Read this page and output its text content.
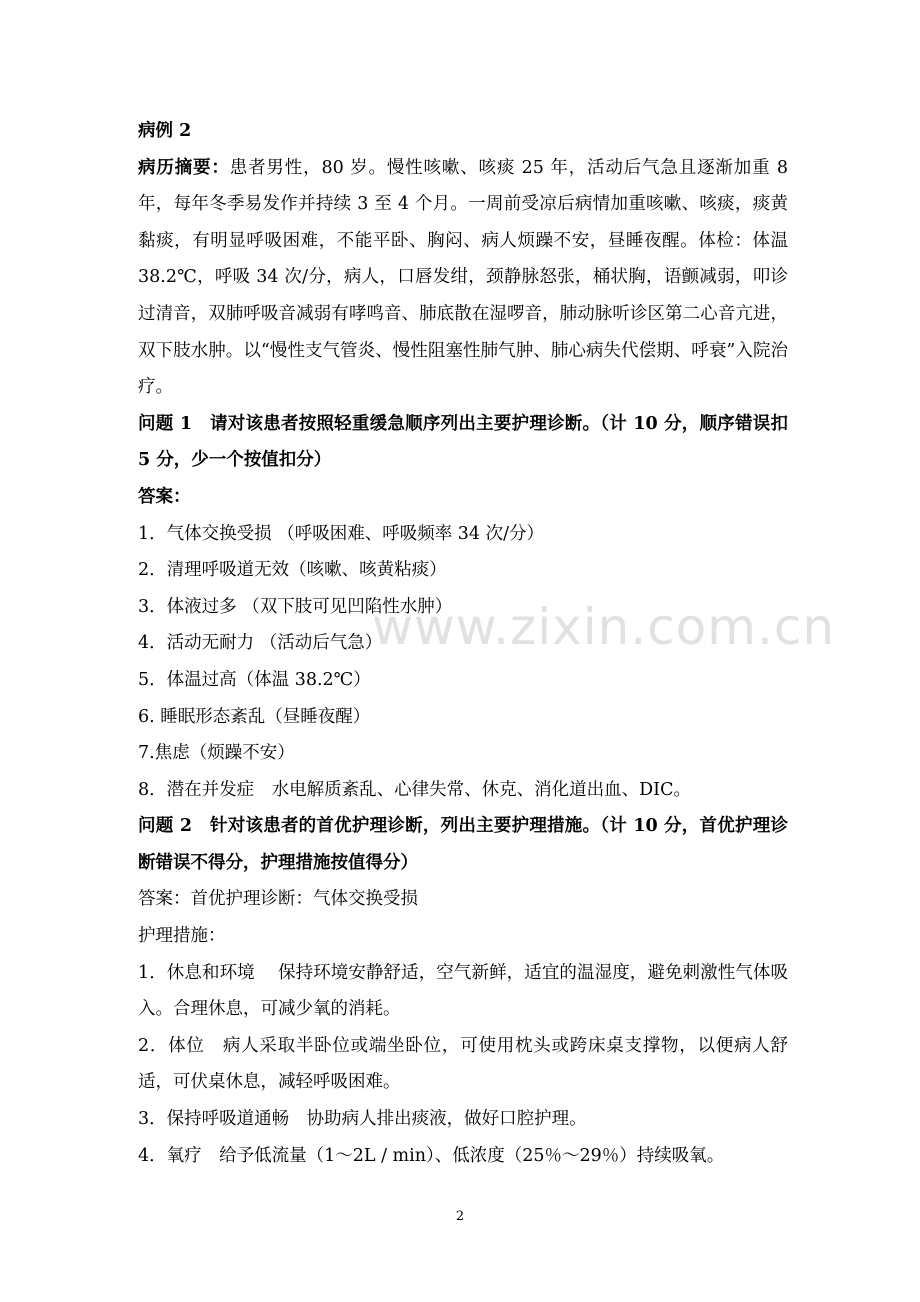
病例 2

病历摘要：患者男性，80 岁。慢性咳嗽、咳痰 25 年，活动后气急且逐渐加重 8 年，每年冬季易发作并持续 3 至 4 个月。一周前受凉后病情加重咳嗽、咳痰，痰黄黏痰，有明显呼吸困难，不能平卧、胸闷、病人烦躁不安，昼睡夜醒。体检：体温 38.2℃，呼吸 34 次/分，病人，口唇发绀，颈静脉怒张，桶状胸，语颤减弱，叩诊过清音，双肺呼吸音减弱有哮鸣音、肺底散在湿啰音，肺动脉听诊区第二心音亢进，双下肢水肿。以“慢性支气管炎、慢性阻塞性肺气肿、肺心病失代偿期、呼衰”入院治疗。

问题 1　请对该患者按照轻重缓急顺序列出主要护理诊断。（计 10 分，顺序错误扣 5 分，少一个按值扣分）

答案：

1．气体交换受损 （呼吸困难、呼吸频率 34 次/分）

2．清理呼吸道无效（咳嗽、咳黄粘痰）

3．体液过多 （双下肢可见凹陷性水肿）

4．活动无耐力 （活动后气急）

5．体温过高（体温 38.2℃）

6. 睡眠形态紊乱（昼睡夜醒）

7.焦虑（烦躁不安）

8．潜在并发症　水电解质紊乱、心律失常、休克、消化道出血、DIC。

问题 2　针对该患者的首优护理诊断，列出主要护理措施。（计 10 分，首优护理诊断错误不得分，护理措施按值得分）

答案：首优护理诊断：气体交换受损

护理措施：

1．休息和环境　 保持环境安静舒适，空气新鲜，适宜的温湿度，避免刺激性气体吸入。合理休息，可减少氧的消耗。

2．体位　病人采取半卧位或端坐卧位，可使用枕头或跨床桌支撑物，以便病人舒适，可伏桌休息，减轻呼吸困难。

3．保持呼吸道通畅　协助病人排出痰液，做好口腔护理。

4．氧疗　给予低流量（1～2L / min）、低浓度（25％～29％）持续吸氧。

www.zixin.com.cn
2
